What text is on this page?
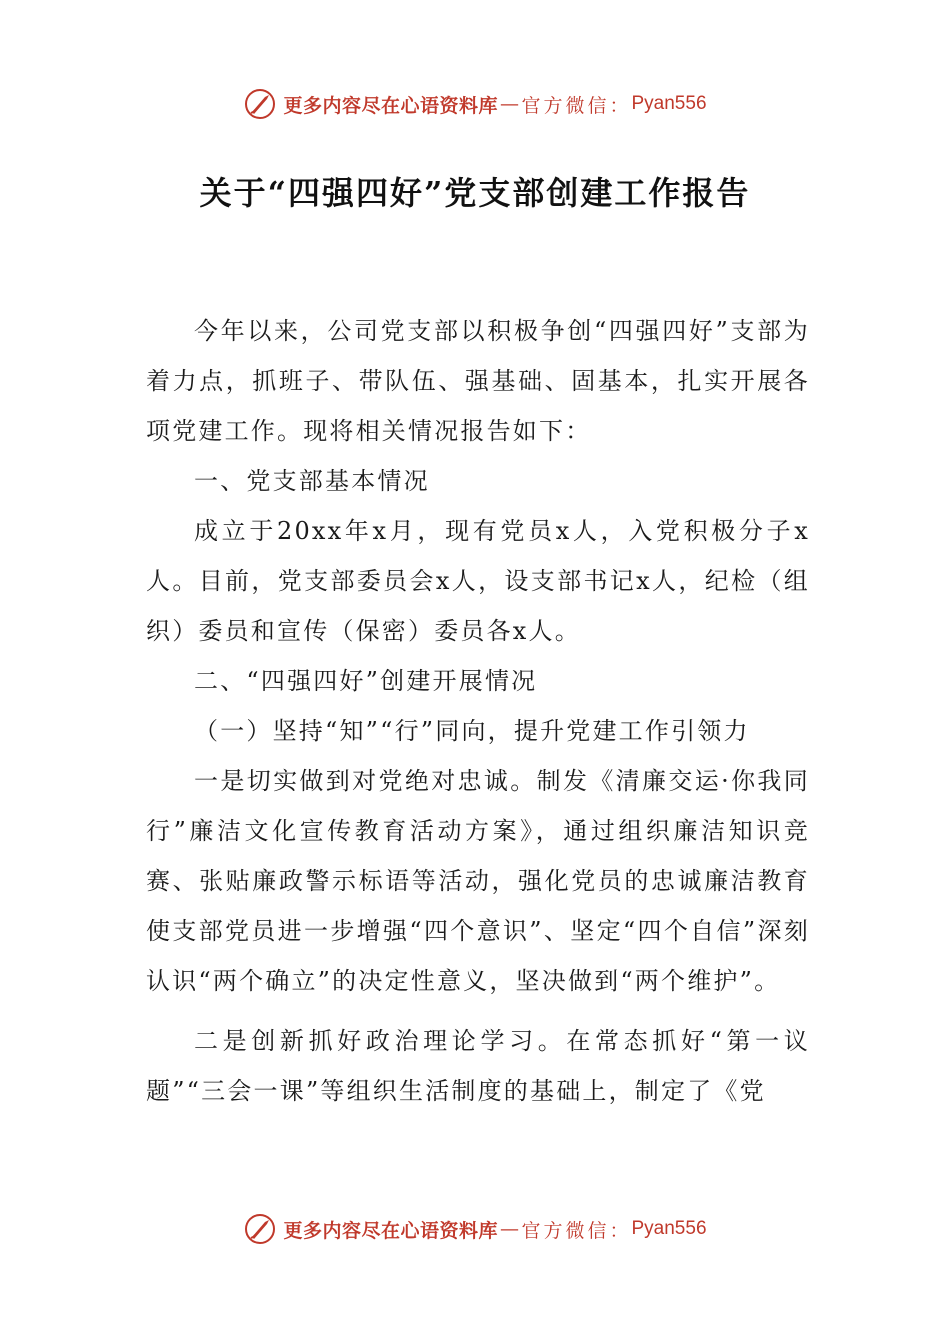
更多内容尽在心语资料库 — 官方微信： Pyan556
关于“四强四好”党支部创建工作报告

今年以来，公司党支部以积极争创“四强四好”支部为着力点，抓班子、带队伍、强基础、固基本，扎实开展各项党建工作。现将相关情况报告如下：

一、党支部基本情况

成立于20xx年x月，现有党员x人，入党积极分子x人。目前，党支部委员会x人，设支部书记x人，纪检（组织）委员和宣传（保密）委员各x人。

二、“四强四好”创建开展情况

（一）坚持“知”“行”同向，提升党建工作引领力

一是切实做到对党绝对忠诚。制发《清廉交运·你我同行”廉洁文化宣传教育活动方案》，通过组织廉洁知识竞赛、张贴廉政警示标语等活动，强化党员的忠诚廉洁教育使支部党员进一步增强“四个意识”、坚定“四个自信”深刻认识“两个确立”的决定性意义，坚决做到“两个维护”。

二是创新抓好政治理论学习。在常态抓好“第一议题”“三会一课”等组织生活制度的基础上，制定了《党

更多内容尽在心语资料库 — 官方微信： Pyan556
